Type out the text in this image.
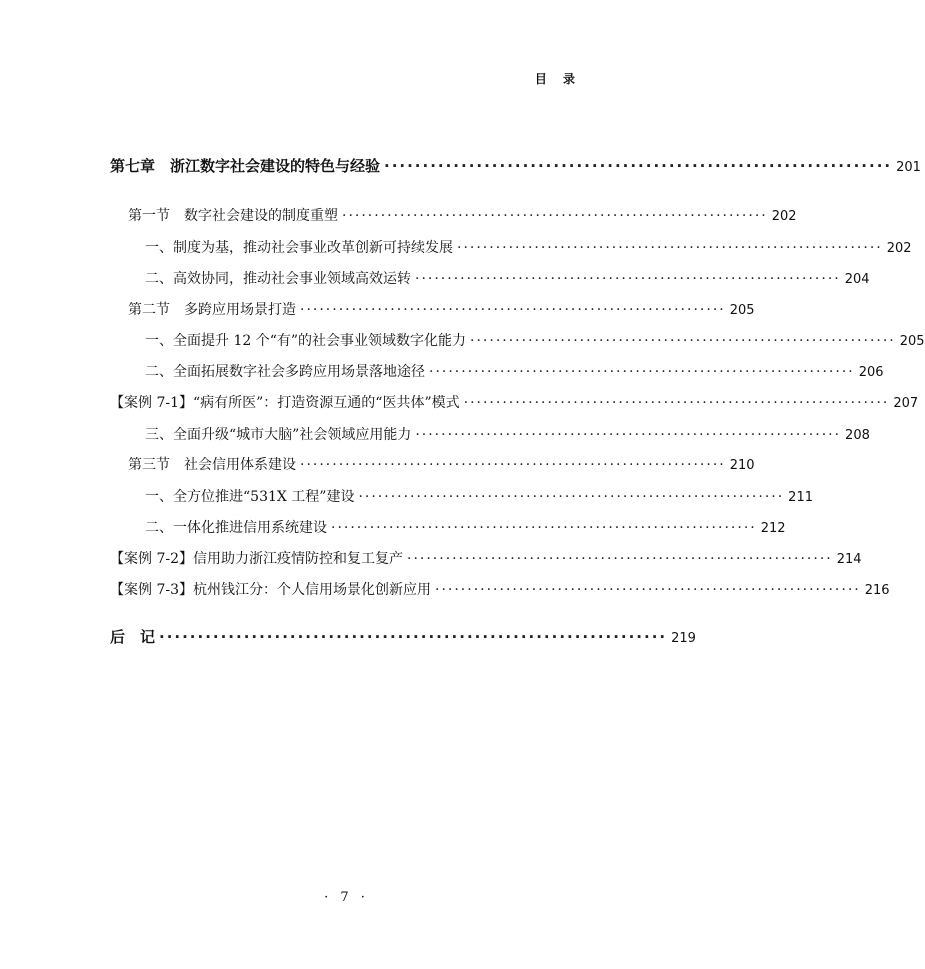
目 录
第七章　浙江数字社会建设的特色与经验 ·································································· 201
第一节　数字社会建设的制度重塑 ·································································· 202
一、制度为基，推动社会事业改革创新可持续发展 ·································································· 202
二、高效协同，推动社会事业领域高效运转 ·································································· 204
第二节　多跨应用场景打造 ·································································· 205
一、全面提升 12 个“有”的社会事业领域数字化能力 ·································································· 205
二、全面拓展数字社会多跨应用场景落地途径 ·································································· 206
【案例 7-1】“病有所医”：打造资源互通的“医共体”模式 ·································································· 207
三、全面升级“城市大脑”社会领域应用能力 ·································································· 208
第三节　社会信用体系建设 ·································································· 210
一、全方位推进“531X 工程”建设 ·································································· 211
二、一体化推进信用系统建设 ·································································· 212
【案例 7-2】信用助力浙江疫情防控和复工复产 ·································································· 214
【案例 7-3】杭州钱江分：个人信用场景化创新应用 ·································································· 216
后　记 ·································································· 219
· 7 ·
